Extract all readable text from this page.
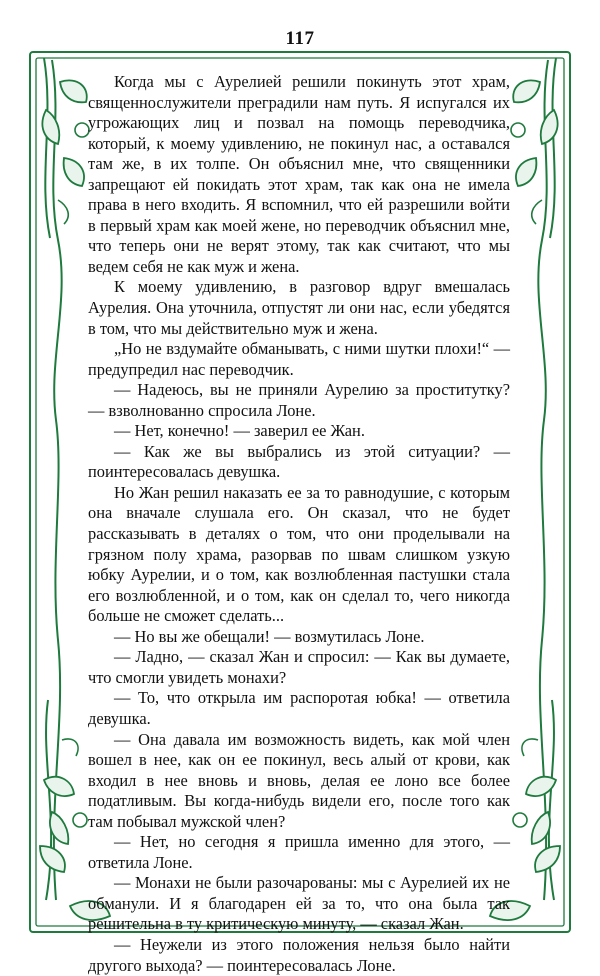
117

Когда мы с Аурелией решили покинуть этот храм, священнослужители преградили нам путь. Я испугался их угрожающих лиц и позвал на помощь переводчика, который, к моему удивлению, не покинул нас, а оставался там же, в их толпе. Он объяснил мне, что священники запрещают ей покидать этот храм, так как она не имела права в него входить. Я вспомнил, что ей разрешили войти в первый храм как моей жене, но переводчик объяснил мне, что теперь они не верят этому, так как считают, что мы ведем себя не как муж и жена.

К моему удивлению, в разговор вдруг вмешалась Аурелия. Она уточнила, отпустят ли они нас, если убедятся в том, что мы действительно муж и жена.

„Но не вздумайте обманывать, с ними шутки плохи!“ — предупредил нас переводчик.

— Надеюсь, вы не приняли Аурелию за проститутку? — взволнованно спросила Лоне.

— Нет, конечно! — заверил ее Жан.

— Как же вы выбрались из этой ситуации? — поинтересовалась девушка.

Но Жан решил наказать ее за то равнодушие, с которым она вначале слушала его. Он сказал, что не будет рассказывать в деталях о том, что они проделывали на грязном полу храма, разорвав по швам слишком узкую юбку Аурелии, и о том, как возлюбленная пастушки стала его возлюбленной, и о том, как он сделал то, чего никогда больше не сможет сделать...

— Но вы же обещали! — возмутилась Лоне.

— Ладно, — сказал Жан и спросил: — Как вы думаете, что смогли увидеть монахи?

— То, что открыла им распоротая юбка! — ответила девушка.

— Она давала им возможность видеть, как мой член вошел в нее, как он ее покинул, весь алый от крови, как входил в нее вновь и вновь, делая ее лоно все более податливым. Вы когда-нибудь видели его, после того как там побывал мужской член?

— Нет, но сегодня я пришла именно для этого, — ответила Лоне.

— Монахи не были разочарованы: мы с Аурелией их не обманули. И я благодарен ей за то, что она была так решительна в ту критическую минуту, — сказал Жан.

— Неужели из этого положения нельзя было найти другого выхода? — поинтересовалась Лоне.
